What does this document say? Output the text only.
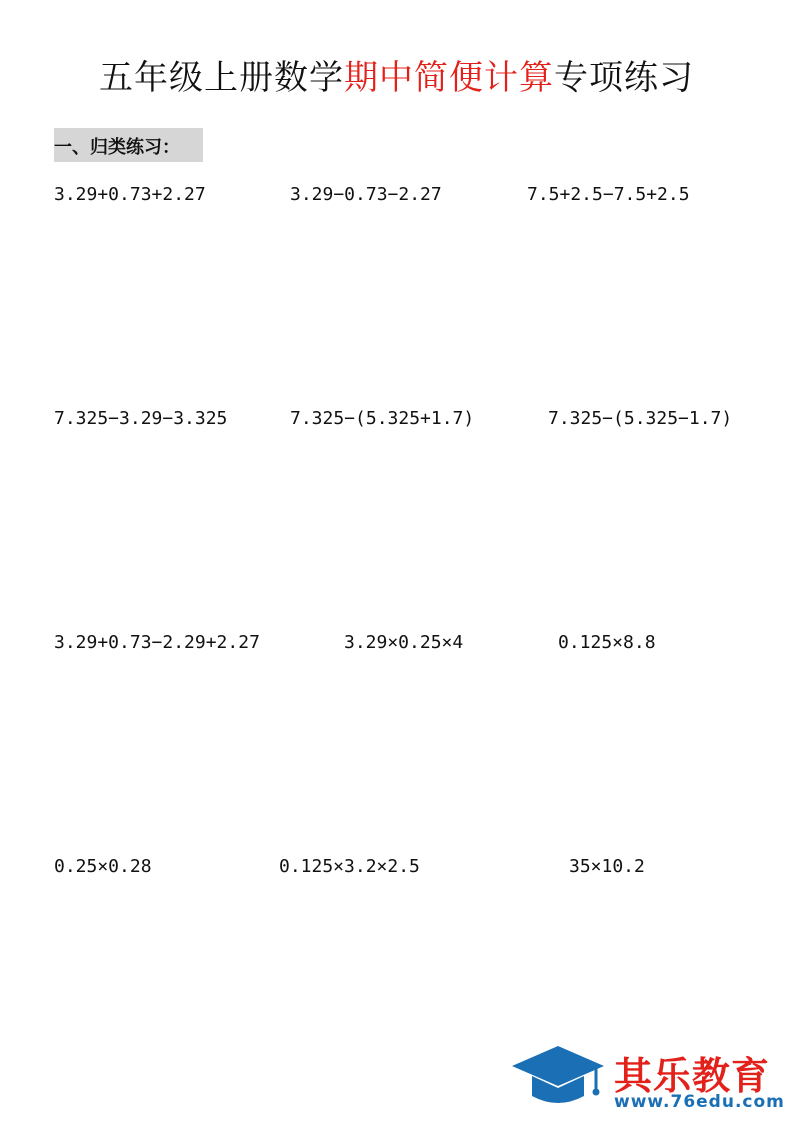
五年级上册数学期中简便计算专项练习
一、归类练习：
3.29+0.73+2.27	3.29−0.73−2.27	7.5+2.5−7.5+2.5
7.325−3.29−3.325	7.325−(5.325+1.7)	7.325−(5.325−1.7)
3.29+0.73−2.29+2.27	3.29×0.25×4	0.125×8.8
0.25×0.28	0.125×3.2×2.5	35×10.2
其乐教育
www.76edu.com
